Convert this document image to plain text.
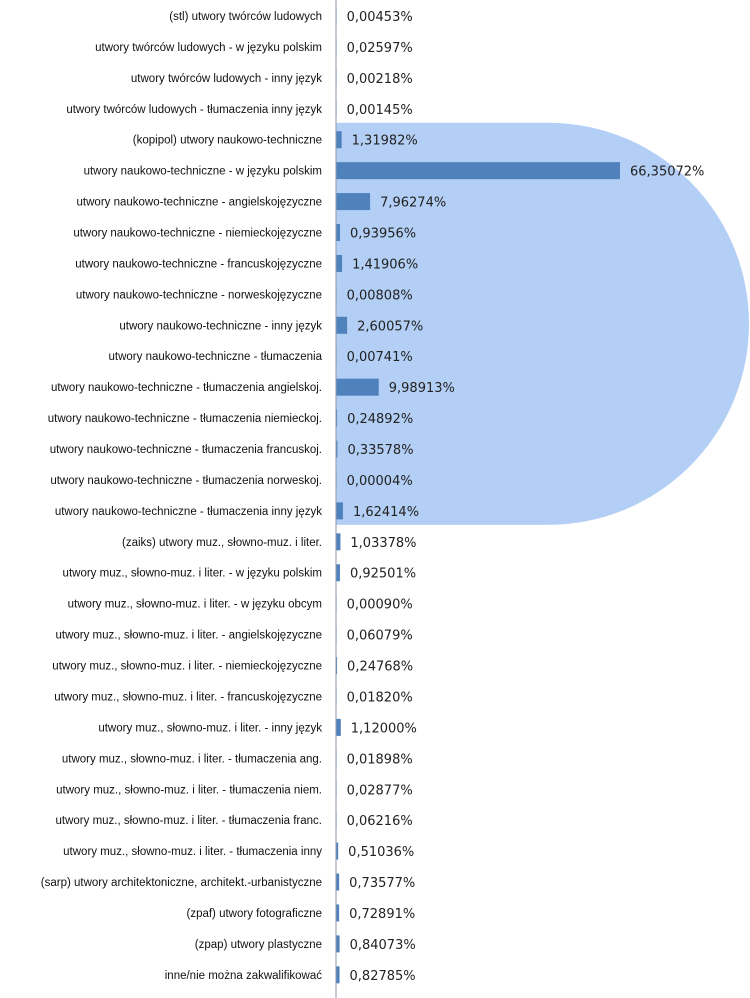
(stl) utwory twórców ludowych
utwory twórców ludowych - w języku polskim
utwory twórców ludowych - inny język
utwory twórców ludowych - tłumaczenia inny język
(kopipol) utwory naukowo-techniczne
utwory naukowo-techniczne - w języku polskim
utwory naukowo-techniczne - angielskojęzyczne
utwory naukowo-techniczne - niemieckojęzyczne
utwory naukowo-techniczne - francuskojęzyczne
utwory naukowo-techniczne - norweskojęzyczne
utwory naukowo-techniczne - inny język
utwory naukowo-techniczne - tłumaczenia
utwory naukowo-techniczne - tłumaczenia angielskoj.
utwory naukowo-techniczne - tłumaczenia niemieckoj.
utwory naukowo-techniczne - tłumaczenia francuskoj.
utwory naukowo-techniczne - tłumaczenia norweskoj.
utwory naukowo-techniczne - tłumaczenia inny język
(zaiks) utwory muz., słowno-muz. i liter.
utwory muz., słowno-muz. i liter. - w języku polskim
utwory muz., słowno-muz. i liter. - w języku obcym
utwory muz., słowno-muz. i liter. - angielskojęzyczne
utwory muz., słowno-muz. i liter. - niemieckojęzyczne
utwory muz., słowno-muz. i liter. - francuskojęzyczne
utwory muz., słowno-muz. i liter. - inny język
utwory muz., słowno-muz. i liter. - tłumaczenia ang.
utwory muz., słowno-muz. i liter. - tłumaczenia niem.
utwory muz., słowno-muz. i liter. - tłumaczenia franc.
utwory muz., słowno-muz. i liter. - tłumaczenia inny
(sarp) utwory architektoniczne, architekt.-urbanistyczne
(zpaf) utwory fotograficzne
(zpap) utwory plastyczne
inne/nie można zakwalifikować
0,00453%
0,02597%
0,00218%
0,00145%
1,31982%
66,35072%
7,96274%
0,93956%
1,41906%
0,00808%
2,60057%
0,00741%
9,98913%
0,24892%
0,33578%
0,00004%
1,62414%
1,03378%
0,92501%
0,00090%
0,06079%
0,24768%
0,01820%
1,12000%
0,01898%
0,02877%
0,06216%
0,51036%
0,73577%
0,72891%
0,84073%
0,82785%
